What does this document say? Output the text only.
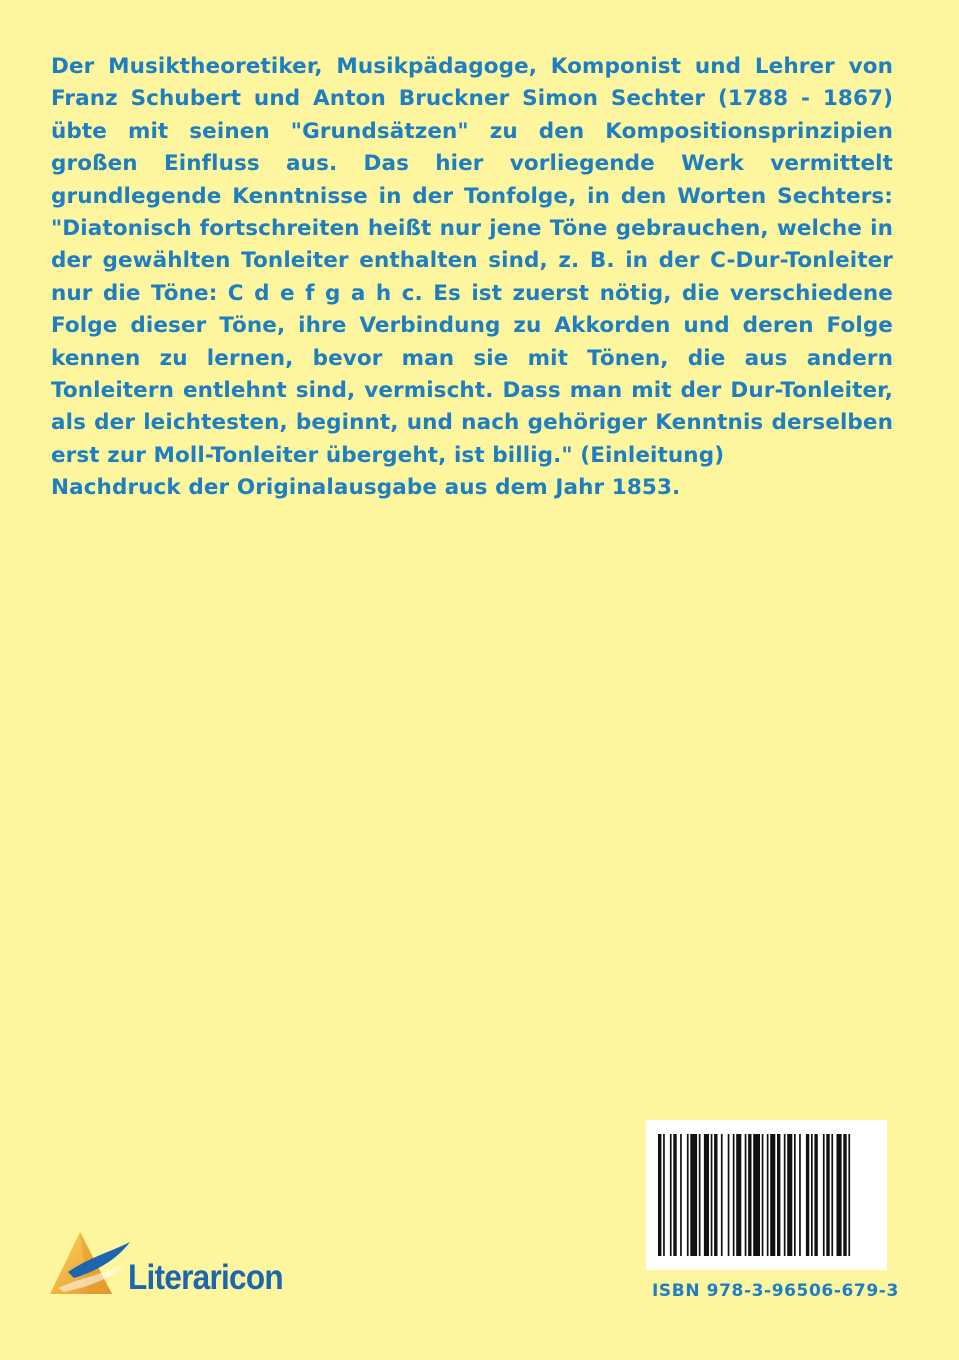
Der Musiktheoretiker, Musikpädagoge, Komponist und Lehrer von Franz Schubert und Anton Bruckner Simon Sechter (1788 - 1867) übte mit seinen "Grundsätzen" zu den Kompositionsprinzipien großen Einfluss aus. Das hier vorliegende Werk vermittelt grundlegende Kenntnisse in der Tonfolge, in den Worten Sechters: "Diatonisch fortschreiten heißt nur jene Töne gebrauchen, welche in der gewählten Tonleiter enthalten sind, z. B. in der C-Dur-Tonleiter nur die Töne: C d e f g a h c. Es ist zuerst nötig, die verschiedene Folge dieser Töne, ihre Verbindung zu Akkorden und deren Folge kennen zu lernen, bevor man sie mit Tönen, die aus andern Tonleitern entlehnt sind, vermischt. Dass man mit der Dur-Tonleiter, als der leichtesten, beginnt, und nach gehöriger Kenntnis derselben erst zur Moll-Tonleiter übergeht, ist billig." (Einleitung)

Nachdruck der Originalausgabe aus dem Jahr 1853.

ISBN 978-3-96506-679-3
Literaricon
